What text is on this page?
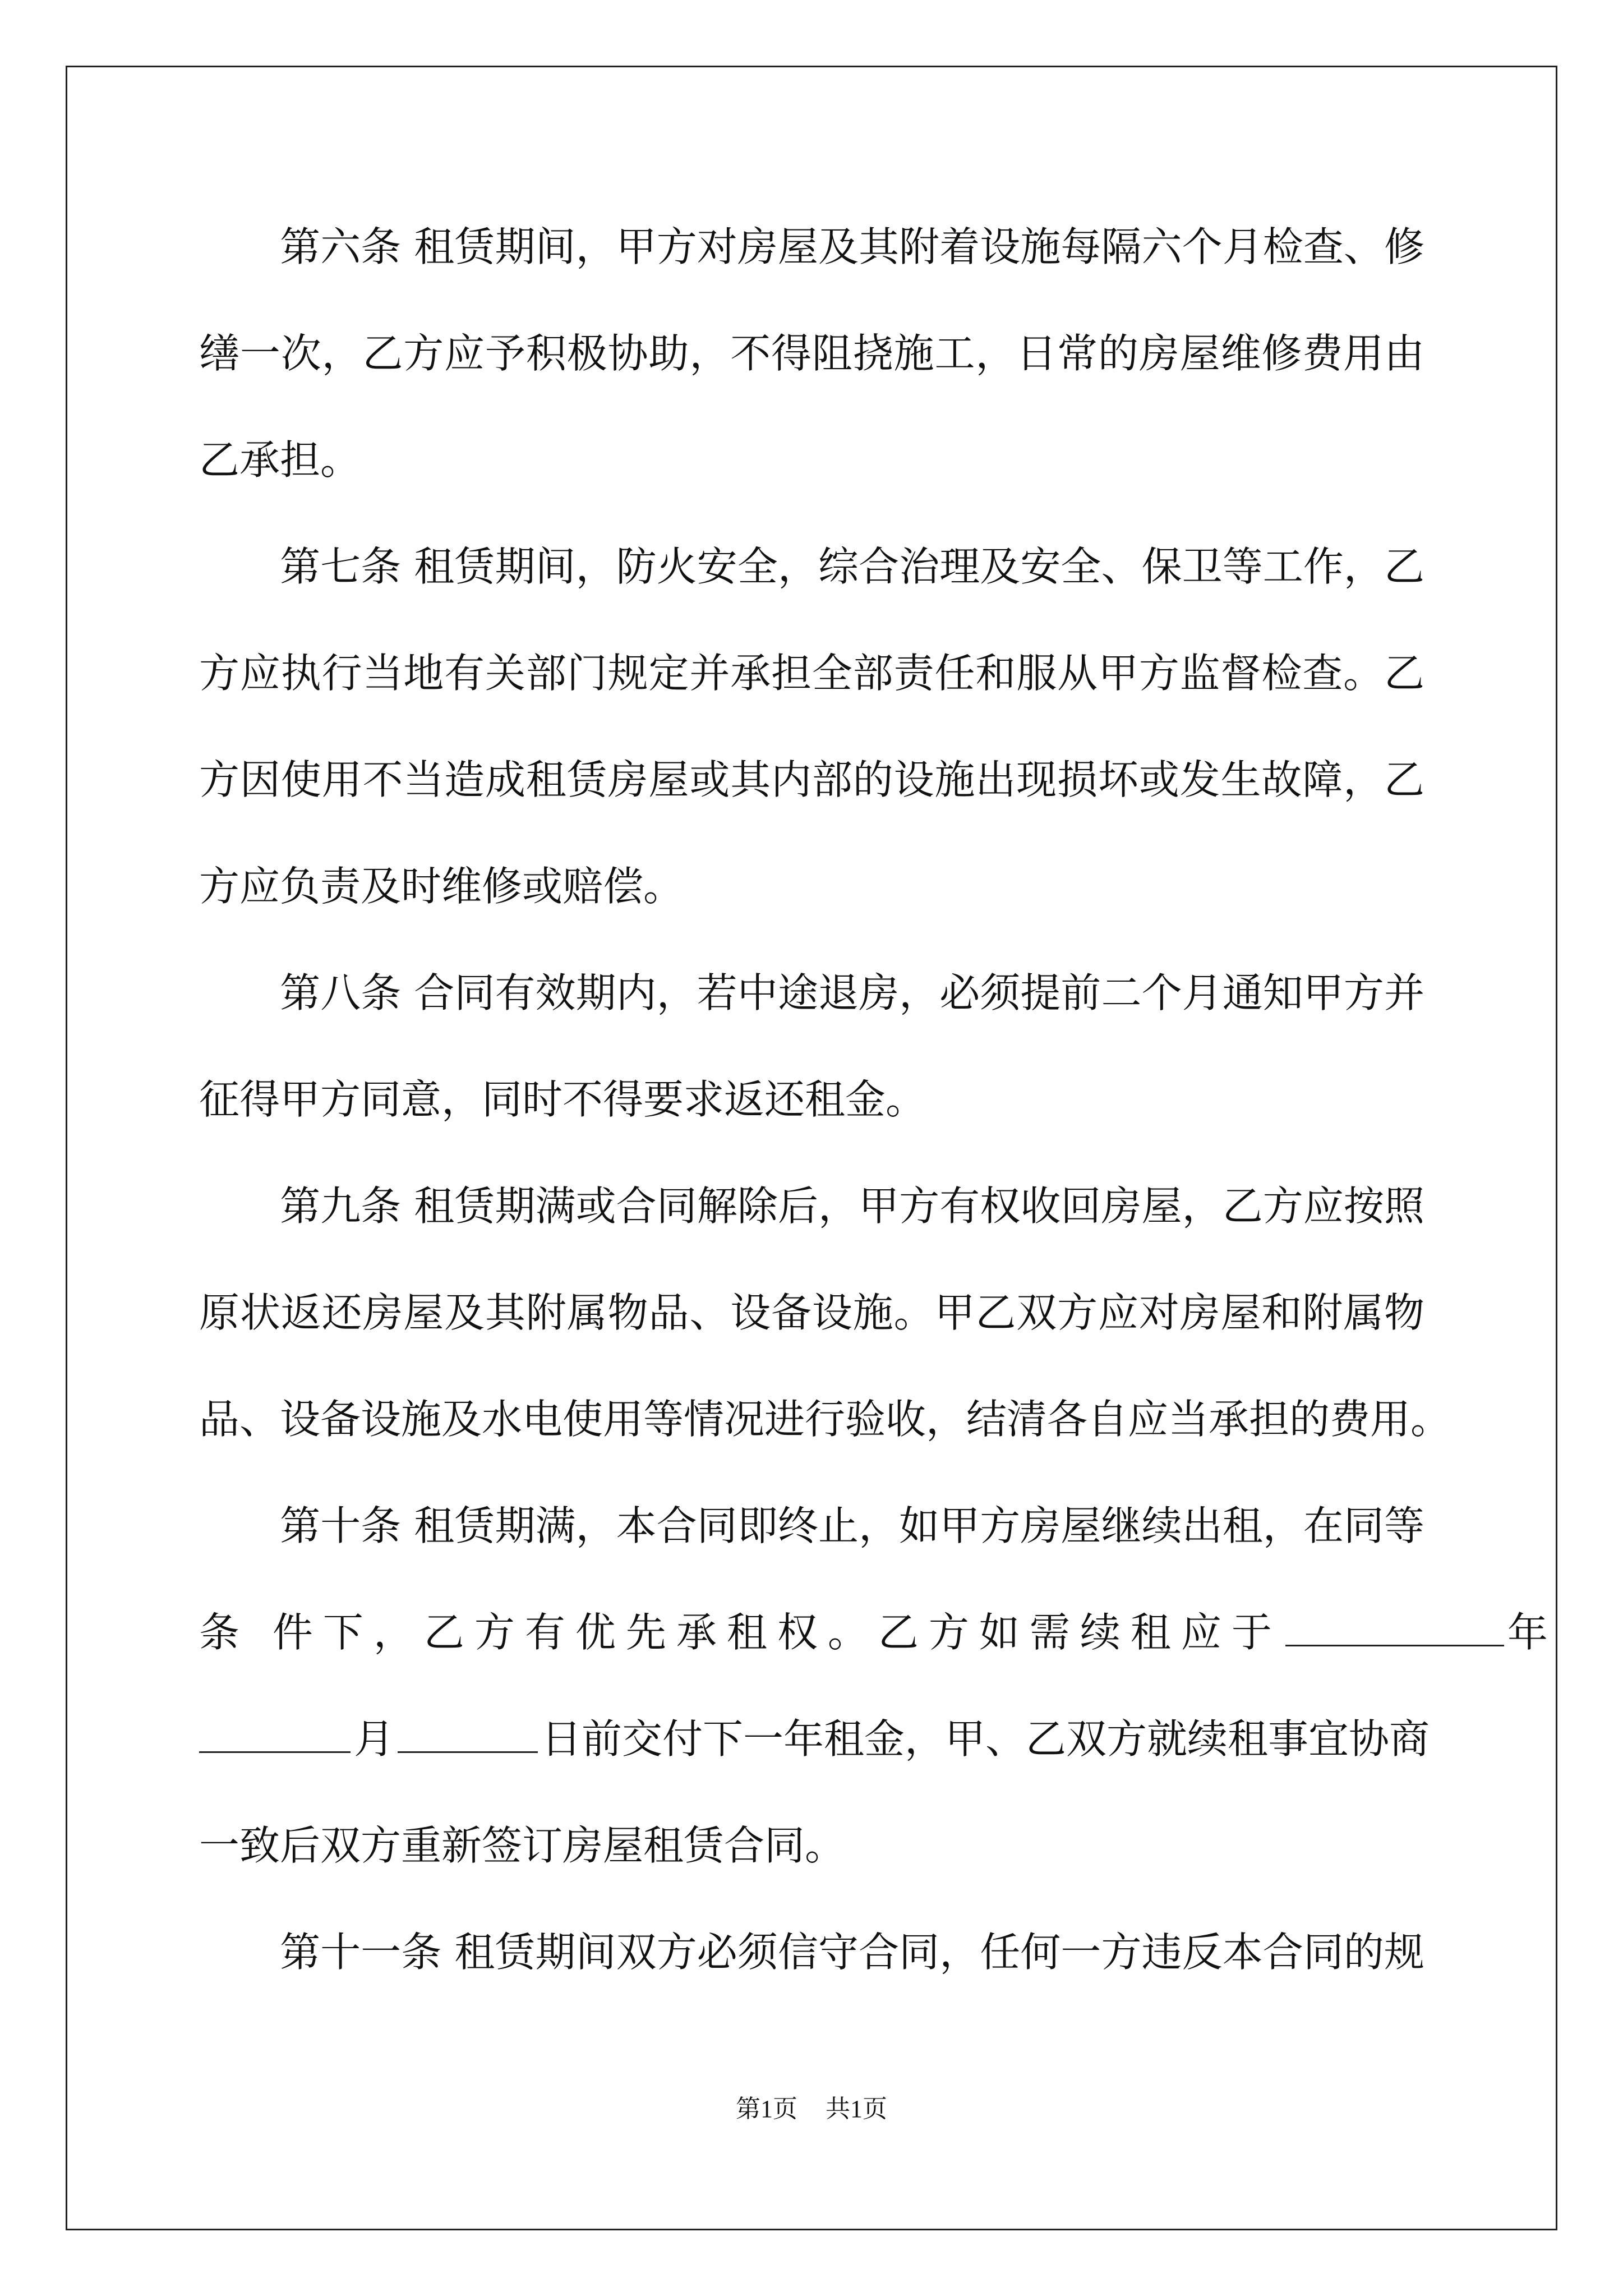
　　第六条 租赁期间，甲方对房屋及其附着设施每隔六个月检查、修
缮一次，乙方应予积极协助，不得阻挠施工，日常的房屋维修费用由
乙承担。
　　第七条 租赁期间，防火安全，综合治理及安全、保卫等工作，乙
方应执行当地有关部门规定并承担全部责任和服从甲方监督检查。乙
方因使用不当造成租赁房屋或其内部的设施出现损坏或发生故障，乙
方应负责及时维修或赔偿。
　　第八条 合同有效期内，若中途退房，必须提前二个月通知甲方并
征得甲方同意，同时不得要求返还租金。
　　第九条 租赁期满或合同解除后，甲方有权收回房屋，乙方应按照
原状返还房屋及其附属物品、设备设施。甲乙双方应对房屋和附属物
品、设备设施及水电使用等情况进行验收，结清各自应当承担的费用。
　　第十条 租赁期满，本合同即终止，如甲方房屋继续出租，在同等
条 件下，乙方有优先承租权。乙方如需续租应于	年
月	日前交付下一年租金，甲、乙双方就续租事宜协商
一致后双方重新签订房屋租赁合同。
　　第十一条 租赁期间双方必须信守合同，任何一方违反本合同的规
第1页 共1页
